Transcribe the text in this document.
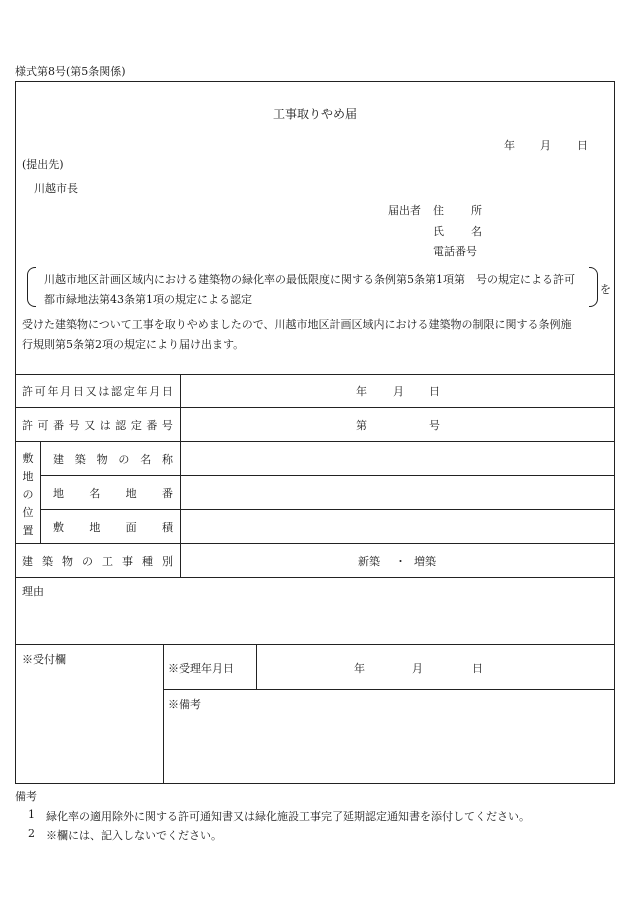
様式第8号(第5条関係)
工事取りやめ届
年 月 日
(提出先)
川越市長
届出者 住 所
氏 名
電話番号
川越市地区計画区域内における建築物の緑化率の最低限度に関する条例第5条第1項第　号の規定による許可
都市緑地法第43条第1項の規定による認定
を
受けた建築物について工事を取りやめましたので、川越市地区計画区域内における建築物の制限に関する条例施
行規則第5条第2項の規定により届け出ます。
許 可 年 月 日 又 は 認 定 年 月 日	年 月 日
許 可 番 号 又 は 認 定 番 号	第	号
敷地の位置
建 築 物 の 名 称
地 名 地 番
敷 地 面 積
建 築 物 の 工 事 種 別	新築 ・ 増築
理由
※受付欄
※受理年月日	年	月	日
※備考
備考
1 緑化率の適用除外に関する許可通知書又は緑化施設工事完了延期認定通知書を添付してください。
2 ※欄には、記入しないでください。
